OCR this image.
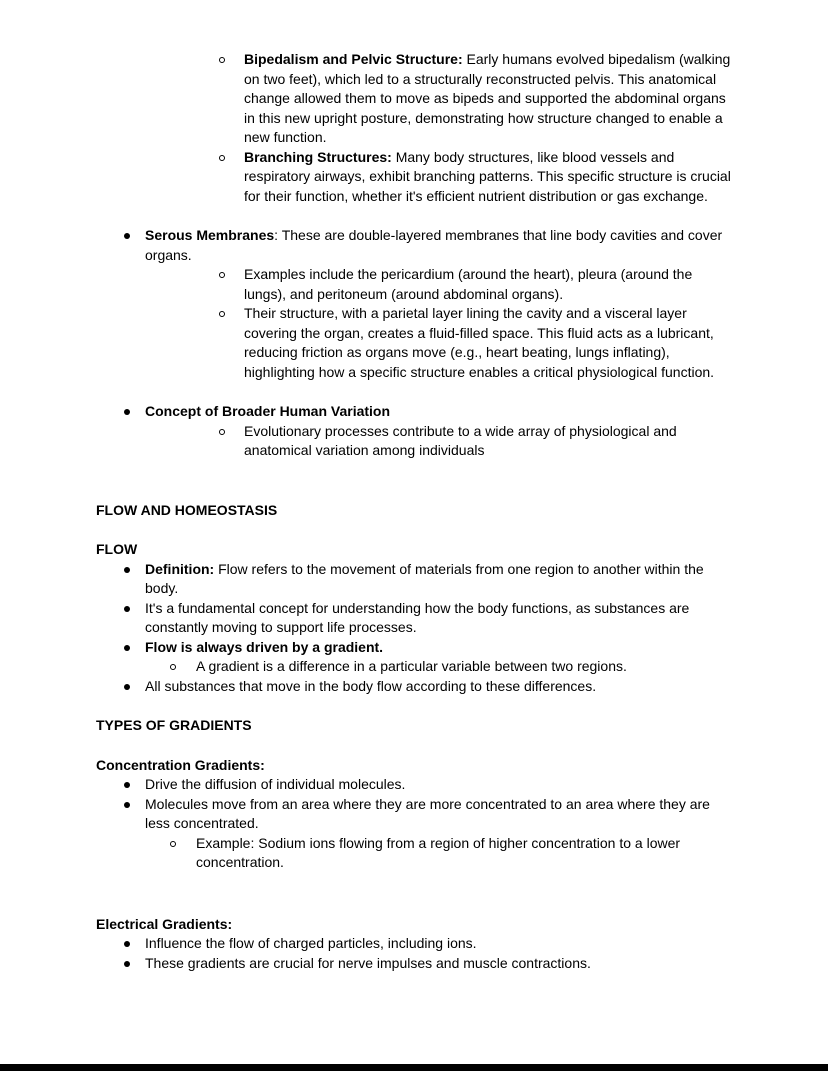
Bipedalism and Pelvic Structure: Early humans evolved bipedalism (walking on two feet), which led to a structurally reconstructed pelvis. This anatomical change allowed them to move as bipeds and supported the abdominal organs in this new upright posture, demonstrating how structure changed to enable a new function.

Branching Structures: Many body structures, like blood vessels and respiratory airways, exhibit branching patterns. This specific structure is crucial for their function, whether it's efficient nutrient distribution or gas exchange.

Serous Membranes: These are double-layered membranes that line body cavities and cover organs.

Examples include the pericardium (around the heart), pleura (around the lungs), and peritoneum (around abdominal organs).

Their structure, with a parietal layer lining the cavity and a visceral layer covering the organ, creates a fluid-filled space. This fluid acts as a lubricant, reducing friction as organs move (e.g., heart beating, lungs inflating), highlighting how a specific structure enables a critical physiological function.

Concept of Broader Human Variation

Evolutionary processes contribute to a wide array of physiological and anatomical variation among individuals

FLOW AND HOMEOSTASIS

FLOW

Definition: Flow refers to the movement of materials from one region to another within the body.

It's a fundamental concept for understanding how the body functions, as substances are constantly moving to support life processes.

Flow is always driven by a gradient.

A gradient is a difference in a particular variable between two regions.

All substances that move in the body flow according to these differences.

TYPES OF GRADIENTS

Concentration Gradients:

Drive the diffusion of individual molecules.

Molecules move from an area where they are more concentrated to an area where they are less concentrated.

Example: Sodium ions flowing from a region of higher concentration to a lower concentration.

Electrical Gradients:

Influence the flow of charged particles, including ions.

These gradients are crucial for nerve impulses and muscle contractions.
